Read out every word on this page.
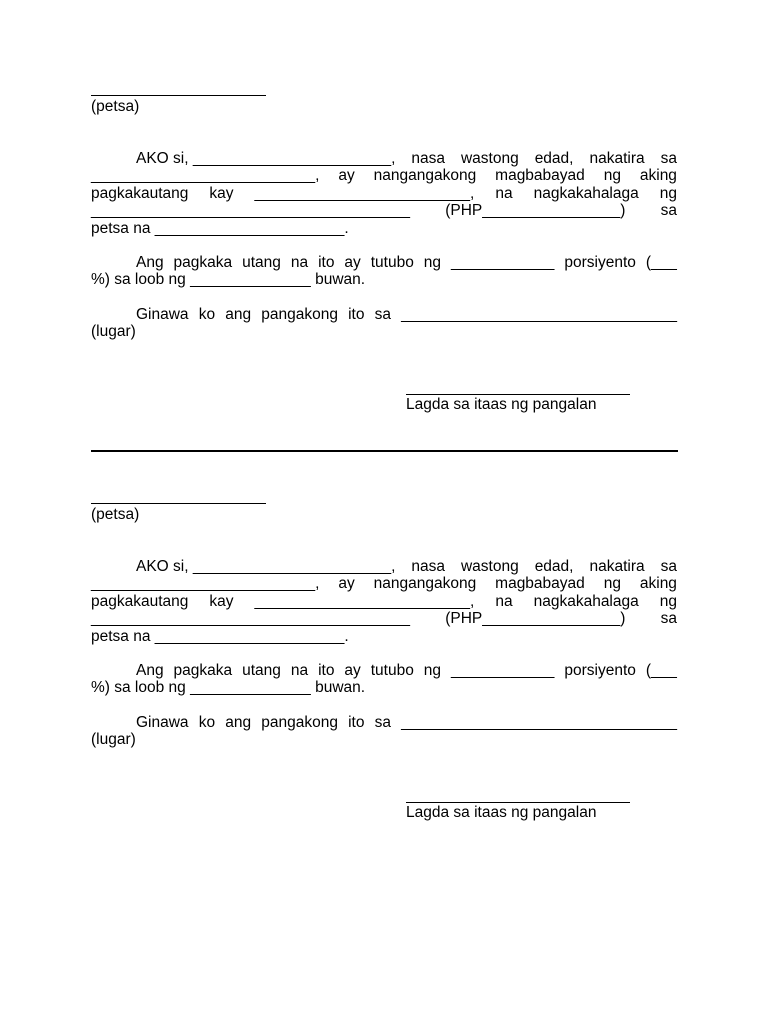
(petsa)
AKO si, _______________________, nasa wastong edad, nakatira sa
__________________________, ay nangangakong magbabayad ng aking
pagkakautang kay _________________________, na nagkakahalaga ng
_____________________________________ (PHP________________) sa
petsa na ______________________.
Ang pagkaka utang na ito ay tutubo ng ____________ porsiyento (___
%) sa loob ng ______________ buwan.
Ginawa ko ang pangakong ito sa ________________________________
(lugar)
Lagda sa itaas ng pangalan
(petsa)
AKO si, _______________________, nasa wastong edad, nakatira sa
__________________________, ay nangangakong magbabayad ng aking
pagkakautang kay _________________________, na nagkakahalaga ng
_____________________________________ (PHP________________) sa
petsa na ______________________.
Ang pagkaka utang na ito ay tutubo ng ____________ porsiyento (___
%) sa loob ng ______________ buwan.
Ginawa ko ang pangakong ito sa ________________________________
(lugar)
Lagda sa itaas ng pangalan
